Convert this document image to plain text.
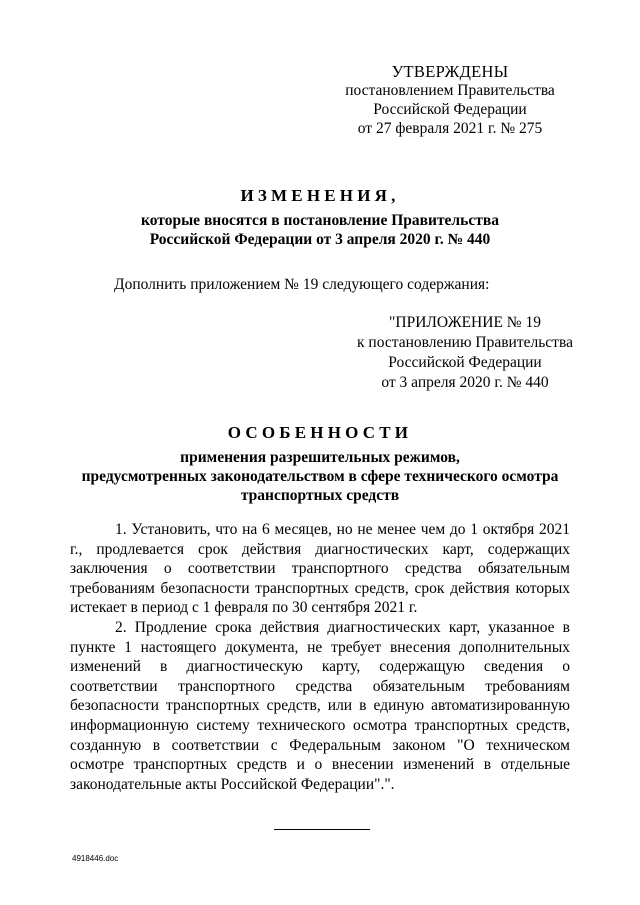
УТВЕРЖДЕНЫ
постановлением Правительства
Российской Федерации
от 27 февраля 2021 г. № 275
ИЗМЕНЕНИЯ,
которые вносятся в постановление Правительства
Российской Федерации от 3 апреля 2020 г. № 440
Дополнить приложением № 19 следующего содержания:
"ПРИЛОЖЕНИЕ № 19
к постановлению Правительства
Российской Федерации
от 3 апреля 2020 г. № 440
ОСОБЕННОСТИ
применения разрешительных режимов,
предусмотренных законодательством в сфере технического осмотра
транспортных средств

1. Установить, что на 6 месяцев, но не менее чем до 1 октября 2021 г., продлевается срок действия диагностических карт, содержащих заключения о соответствии транспортного средства обязательным требованиям безопасности транспортных средств, срок действия которых истекает в период с 1 февраля по 30 сентября 2021 г.

2. Продление срока действия диагностических карт, указанное в пункте 1 настоящего документа, не требует внесения дополнительных изменений в диагностическую карту, содержащую сведения о соответствии транспортного средства обязательным требованиям безопасности транспортных средств, или в единую автоматизированную информационную систему технического осмотра транспортных средств, созданную в соответствии с Федеральным законом "О техническом осмотре транспортных средств и о внесении изменений в отдельные законодательные акты Российской Федерации".".

4918446.doc
